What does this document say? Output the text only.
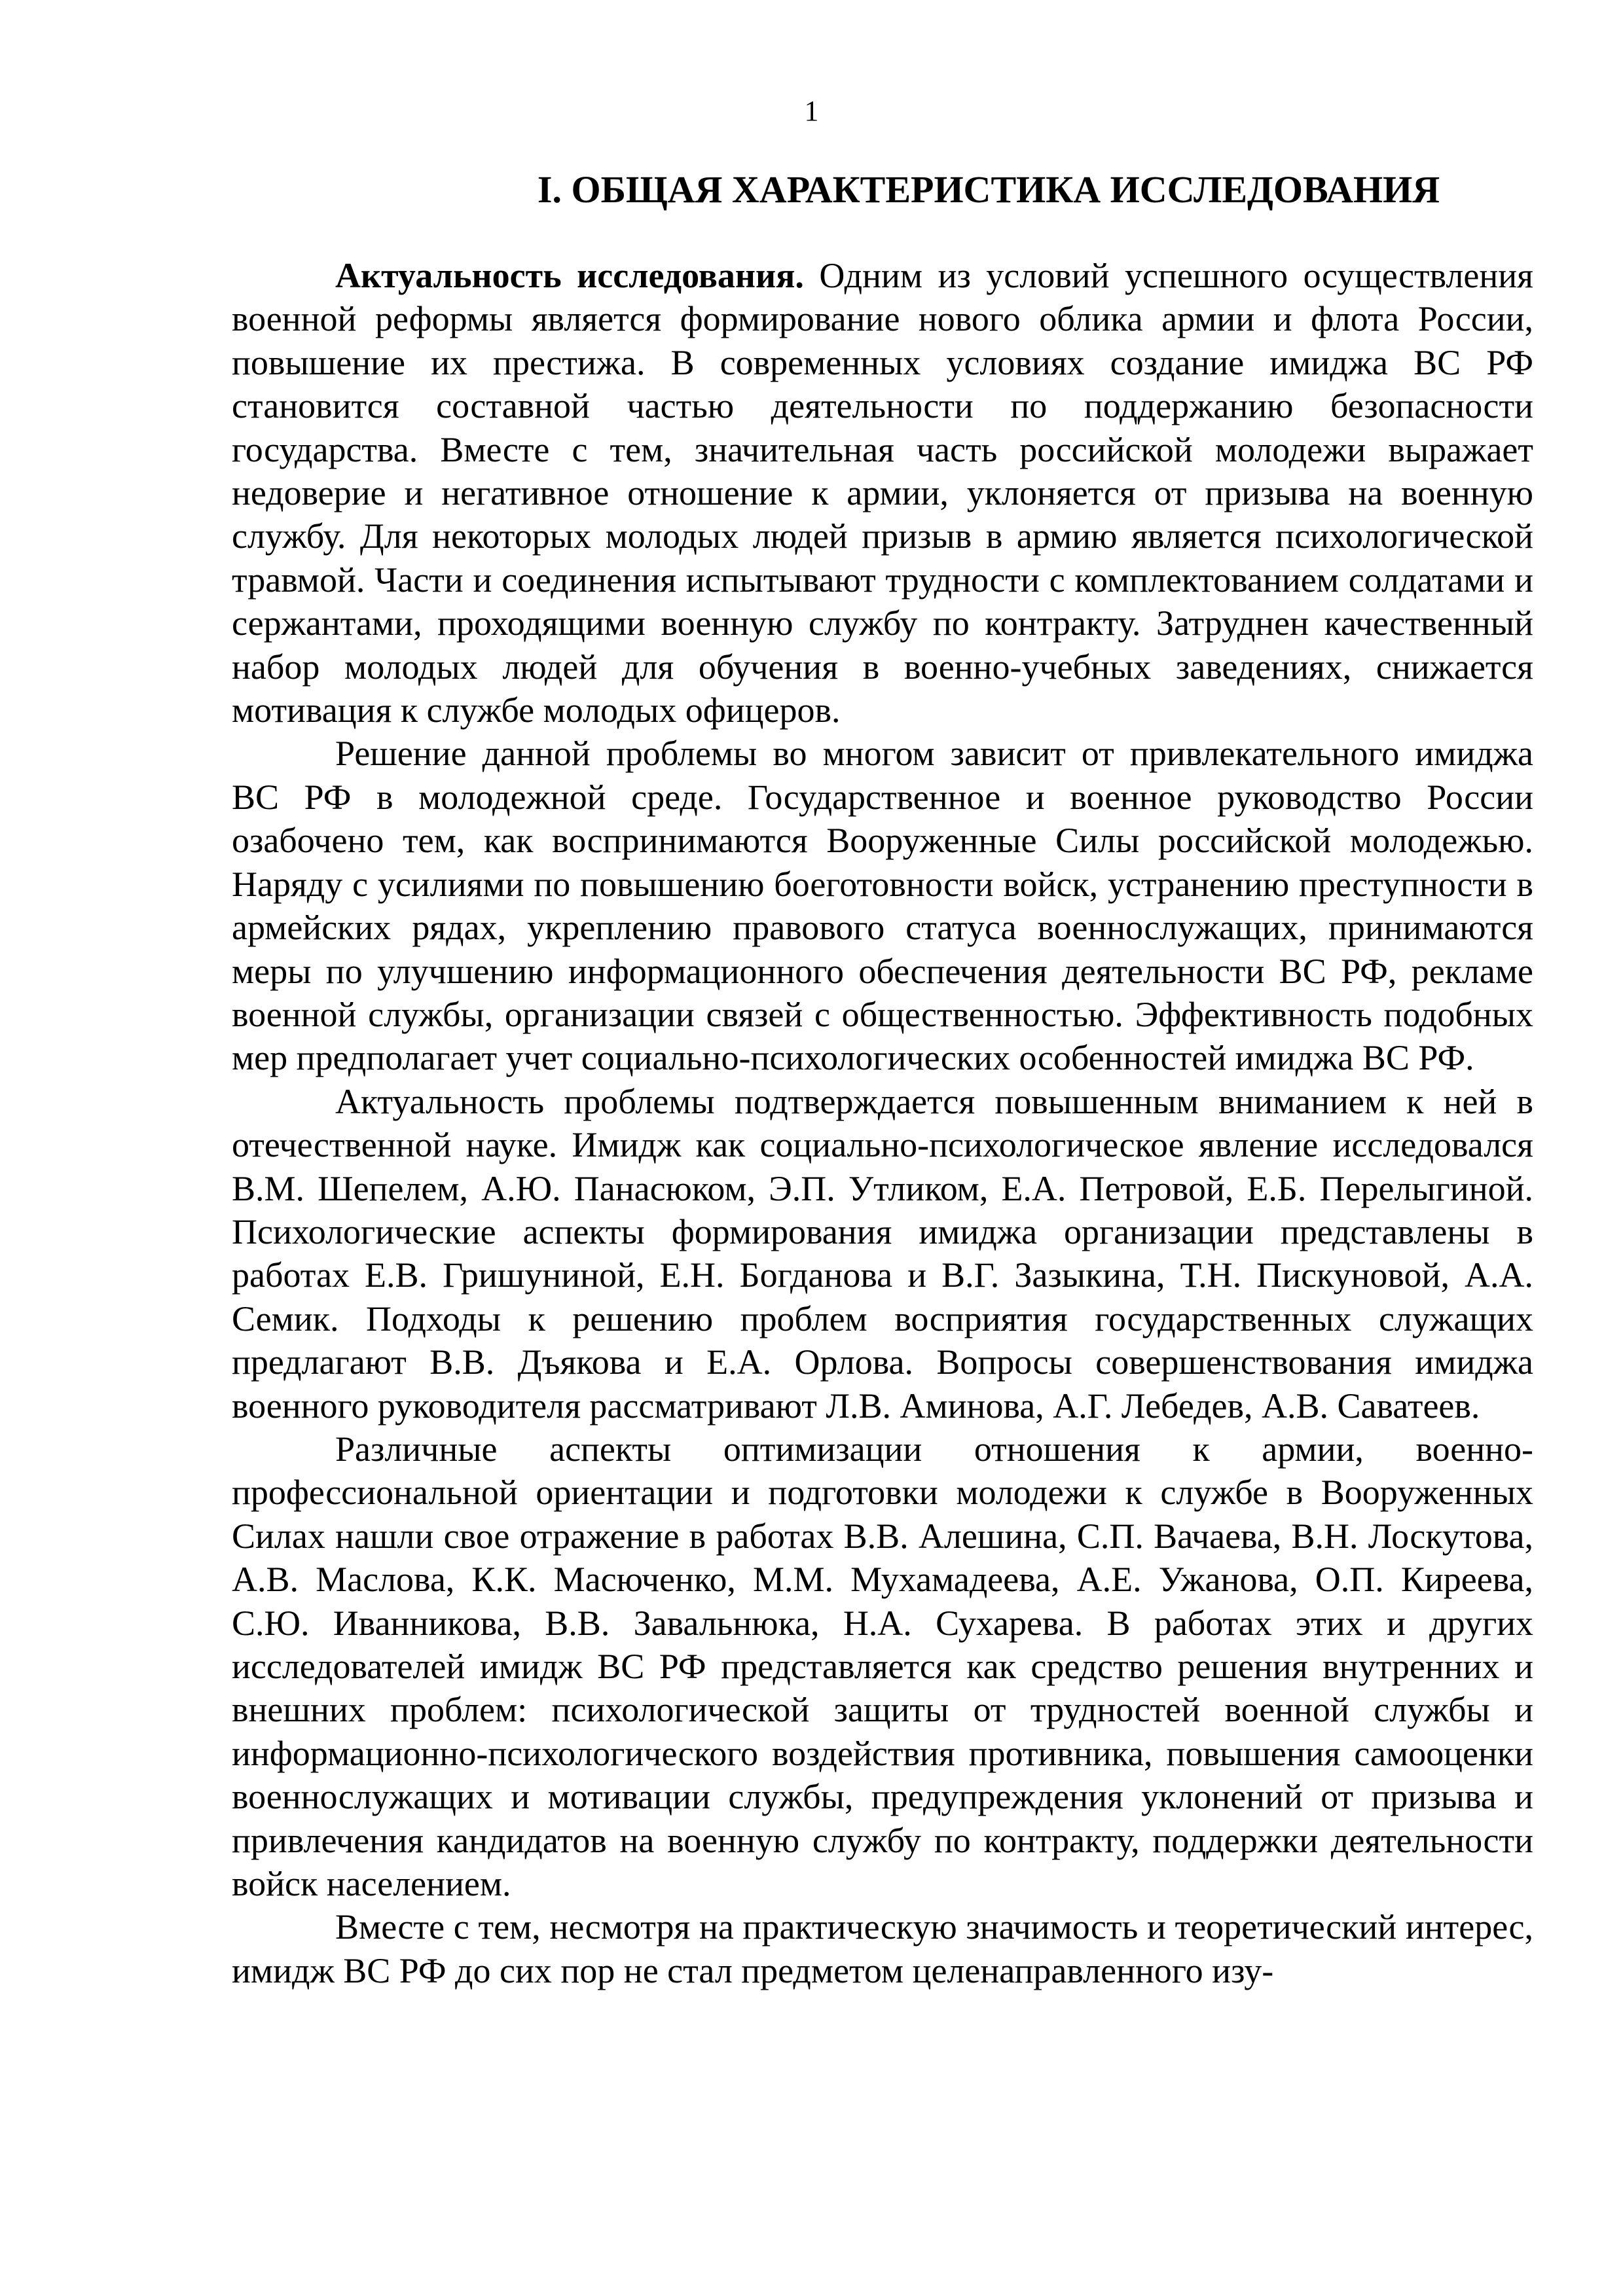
1
I. ОБЩАЯ ХАРАКТЕРИСТИКА ИССЛЕДОВАНИЯ

Актуальность исследования. Одним из условий успешного осуществления военной реформы является формирование нового облика армии и флота России, повышение их престижа. В современных условиях создание имиджа ВС РФ становится составной частью деятельности по поддержанию безопасности государства. Вместе с тем, значительная часть российской молодежи выражает недоверие и негативное отношение к армии, уклоняется от призыва на военную службу. Для некоторых молодых людей призыв в армию является психологической травмой. Части и соединения испытывают трудности с комплектованием солдатами и сержантами, проходящими военную службу по контракту. Затруднен качественный набор молодых людей для обучения в военно-учебных заведениях, снижается мотивация к службе молодых офицеров.

Решение данной проблемы во многом зависит от привлекательного имиджа ВС РФ в молодежной среде. Государственное и военное руководство России озабочено тем, как воспринимаются Вооруженные Силы российской молодежью. Наряду с усилиями по повышению боеготовности войск, устранению преступности в армейских рядах, укреплению правового статуса военнослужащих, принимаются меры по улучшению информационного обеспечения деятельности ВС РФ, рекламе военной службы, организации связей с общественностью. Эффективность подобных мер предполагает учет социально-психологических особенностей имиджа ВС РФ.

Актуальность проблемы подтверждается повышенным вниманием к ней в отечественной науке. Имидж как социально-психологическое явление исследовался В.М. Шепелем, А.Ю. Панасюком, Э.П. Утликом, Е.А. Петровой, Е.Б. Перелыгиной. Психологические аспекты формирования имиджа организации представлены в работах Е.В. Гришуниной, Е.Н. Богданова и В.Г. Зазыкина, Т.Н. Пискуновой, А.А. Семик. Подходы к решению проблем восприятия государственных служащих предлагают В.В. Дъякова и Е.А. Орлова. Вопросы совершенствования имиджа военного руководителя рассматривают Л.В. Аминова, А.Г. Лебедев, А.В. Саватеев.

Различные аспекты оптимизации отношения к армии, военно-профессиональной ориентации и подготовки молодежи к службе в Вооруженных Силах нашли свое отражение в работах В.В. Алешина, С.П. Вачаева, В.Н. Лоскутова, А.В. Маслова, К.К. Масюченко, М.М. Мухамадеева, А.Е. Ужанова, О.П. Киреева, С.Ю. Иванникова, В.В. Завальнюка, Н.А. Сухарева. В работах этих и других исследователей имидж ВС РФ представляется как средство решения внутренних и внешних проблем: психологической защиты от трудностей военной службы и информационно-психологического воздействия противника, повышения самооценки военнослужащих и мотивации службы, предупреждения уклонений от призыва и привлечения кандидатов на военную службу по контракту, поддержки деятельности войск населением.

Вместе с тем, несмотря на практическую значимость и теоретический интерес, имидж ВС РФ до сих пор не стал предметом целенаправленного изу-
